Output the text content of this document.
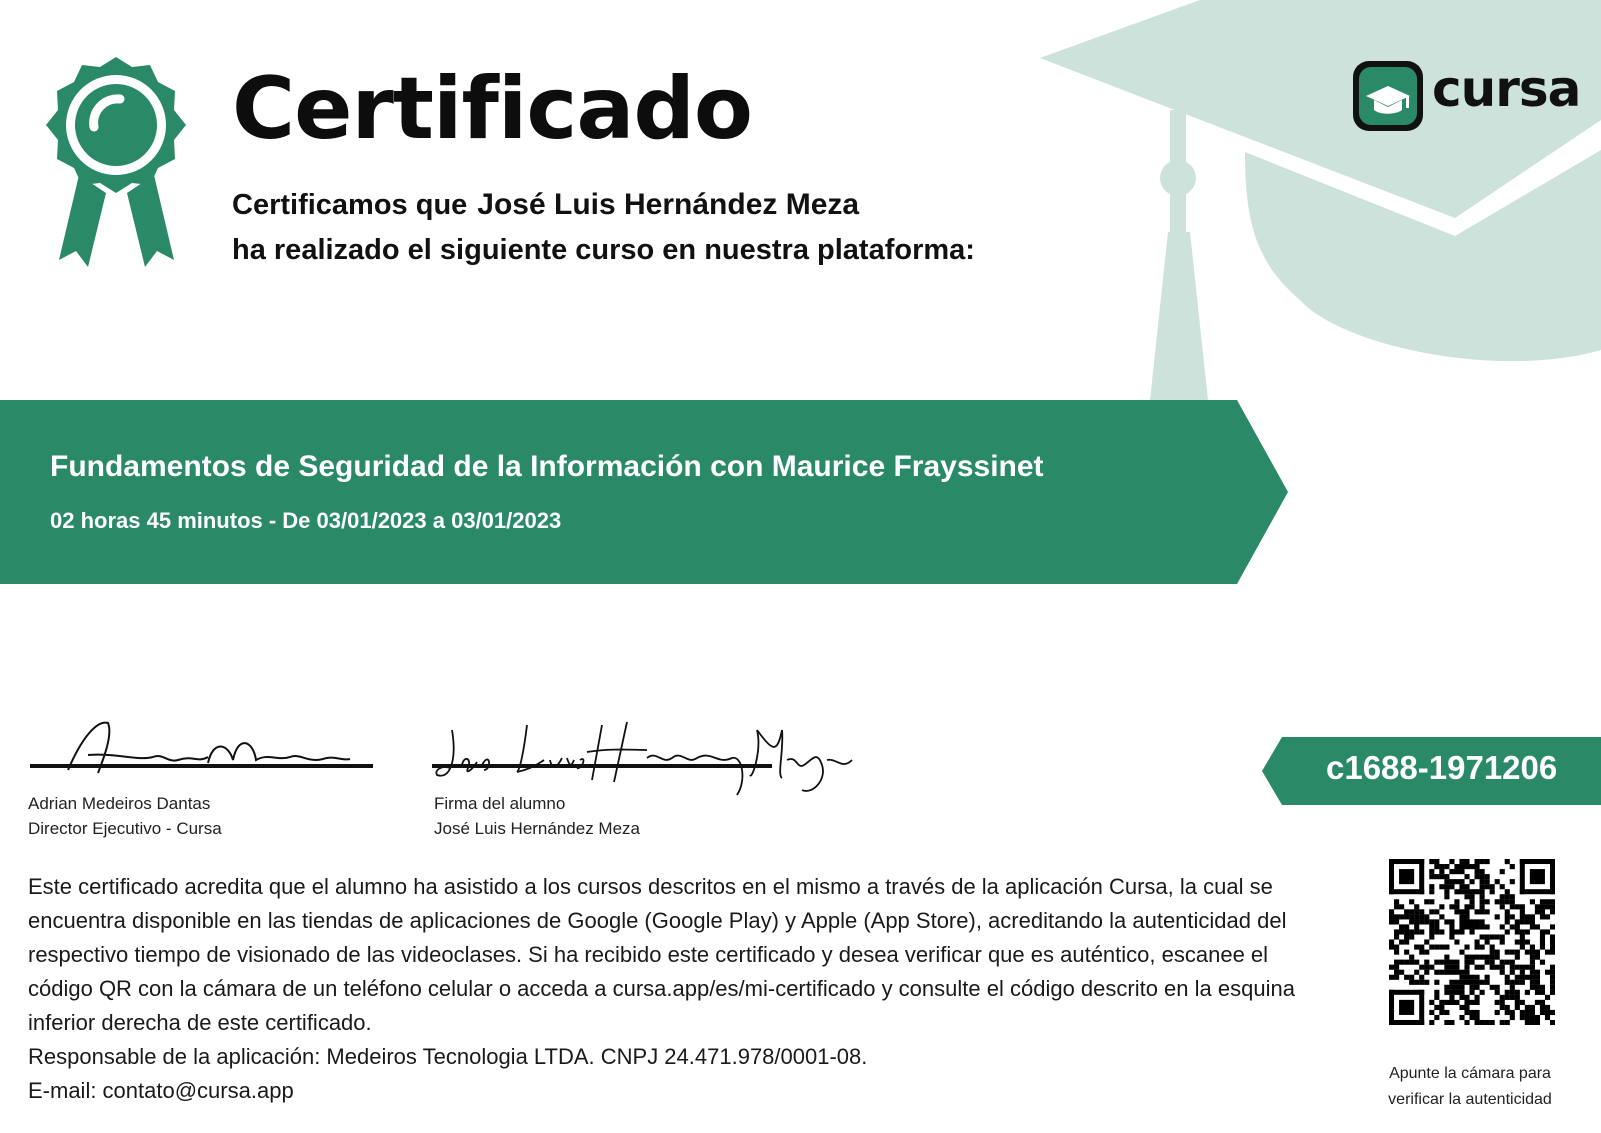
Certificado
Certificamos que José Luis Hernández Meza
ha realizado el siguiente curso en nuestra plataforma:
Fundamentos de Seguridad de la Información con Maurice Frayssinet
02 horas 45 minutos - De 03/01/2023 a 03/01/2023
cursa
Adrian Medeiros Dantas
Director Ejecutivo - Cursa
Firma del alumno
José Luis Hernández Meza
c1688-1971206

Este certificado acredita que el alumno ha asistido a los cursos descritos en el mismo a través de la aplicación Cursa, la cual se encuentra disponible en las tiendas de aplicaciones de Google (Google Play) y Apple (App Store), acreditando la autenticidad del respectivo tiempo de visionado de las videoclases. Si ha recibido este certificado y desea verificar que es auténtico, escanee el código QR con la cámara de un teléfono celular o acceda a cursa.app/es/mi-certificado y consulte el código descrito en la esquina inferior derecha de este certificado.

Responsable de la aplicación: Medeiros Tecnologia LTDA. CNPJ 24.471.978/0001-08.

E-mail: contato@cursa.app

Apunte la cámara para
verificar la autenticidad
